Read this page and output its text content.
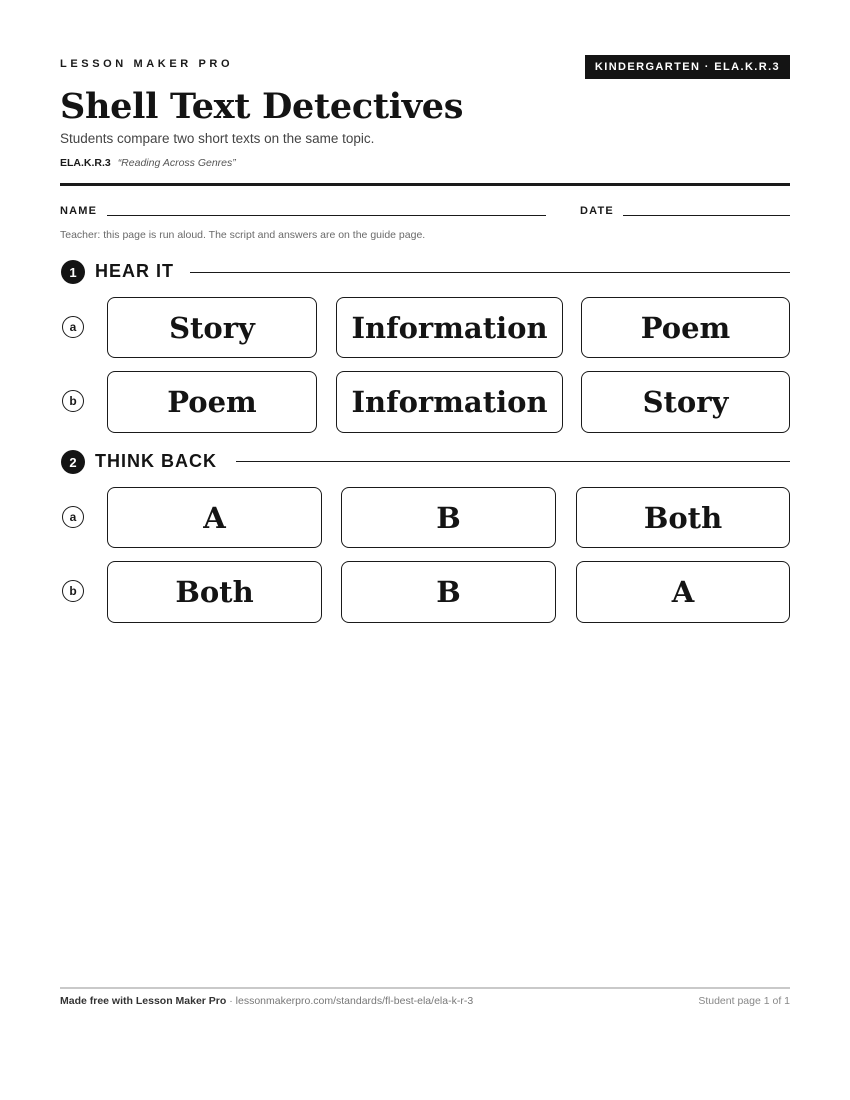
LESSON MAKER PRO	KINDERGARTEN · ELA.K.R.3
Shell Text Detectives
Students compare two short texts on the same topic.
ELA.K.R.3 “Reading Across Genres”
NAME	DATE
Teacher: this page is run aloud. The script and answers are on the guide page.
1	HEAR IT
a	Story	Information	Poem
b	Poem	Information	Story
2	THINK BACK
a	A	B	Both
b	Both	B	A
Made free with Lesson Maker Pro · lessonmakerpro.com/standards/fl-best-ela/ela-k-r-3	Student page 1 of 1
